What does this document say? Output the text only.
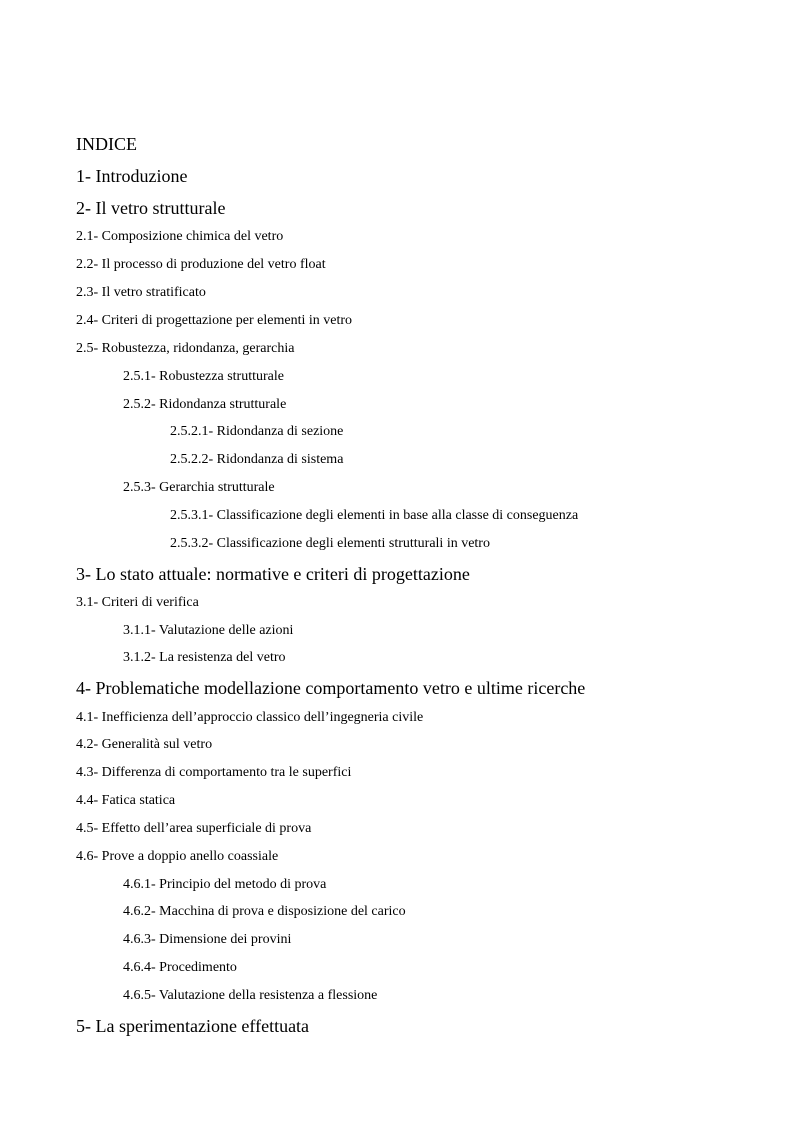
INDICE
1- Introduzione
2- Il vetro strutturale
2.1- Composizione chimica del vetro
2.2- Il processo di produzione del vetro float
2.3- Il vetro stratificato
2.4- Criteri di progettazione per elementi in vetro
2.5- Robustezza, ridondanza, gerarchia
2.5.1- Robustezza strutturale
2.5.2- Ridondanza strutturale
2.5.2.1- Ridondanza di sezione
2.5.2.2- Ridondanza di sistema
2.5.3- Gerarchia strutturale
2.5.3.1- Classificazione degli elementi in base alla classe di conseguenza
2.5.3.2- Classificazione degli elementi strutturali in vetro
3- Lo stato attuale: normative e criteri di progettazione
3.1- Criteri di verifica
3.1.1- Valutazione delle azioni
3.1.2- La resistenza del vetro
4- Problematiche modellazione comportamento vetro e ultime ricerche
4.1- Inefficienza dell’approccio classico dell’ingegneria civile
4.2- Generalità sul vetro
4.3- Differenza di comportamento tra le superfici
4.4- Fatica statica
4.5- Effetto dell’area superficiale di prova
4.6- Prove a doppio anello coassiale
4.6.1- Principio del metodo di prova
4.6.2- Macchina di prova e disposizione del carico
4.6.3- Dimensione dei provini
4.6.4- Procedimento
4.6.5- Valutazione della resistenza a flessione
5- La sperimentazione effettuata
